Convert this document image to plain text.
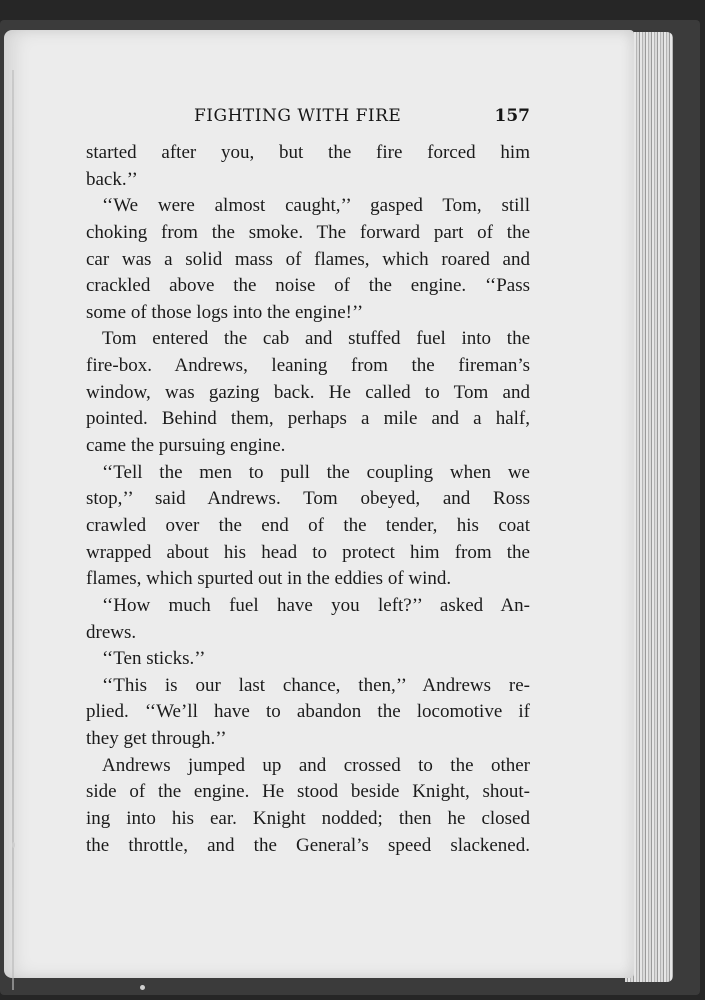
FIGHTING WITH FIRE	157
started after you, but the fire forced him
back.’’
‘‘We were almost caught,’’ gasped Tom, still
choking from the smoke. The forward part of the
car was a solid mass of flames, which roared and
crackled above the noise of the engine. ‘‘Pass
some of those logs into the engine!’’
Tom entered the cab and stuffed fuel into the
fire-box. Andrews, leaning from the fireman’s
window, was gazing back. He called to Tom and
pointed. Behind them, perhaps a mile and a half,
came the pursuing engine.
‘‘Tell the men to pull the coupling when we
stop,’’ said Andrews. Tom obeyed, and Ross
crawled over the end of the tender, his coat
wrapped about his head to protect him from the
flames, which spurted out in the eddies of wind.
‘‘How much fuel have you left?’’ asked An-
drews.
‘‘Ten sticks.’’
‘‘This is our last chance, then,’’ Andrews re-
plied. ‘‘We’ll have to abandon the locomotive if
they get through.’’
Andrews jumped up and crossed to the other
side of the engine. He stood beside Knight, shout-
ing into his ear. Knight nodded; then he closed
the throttle, and the General’s speed slackened.
